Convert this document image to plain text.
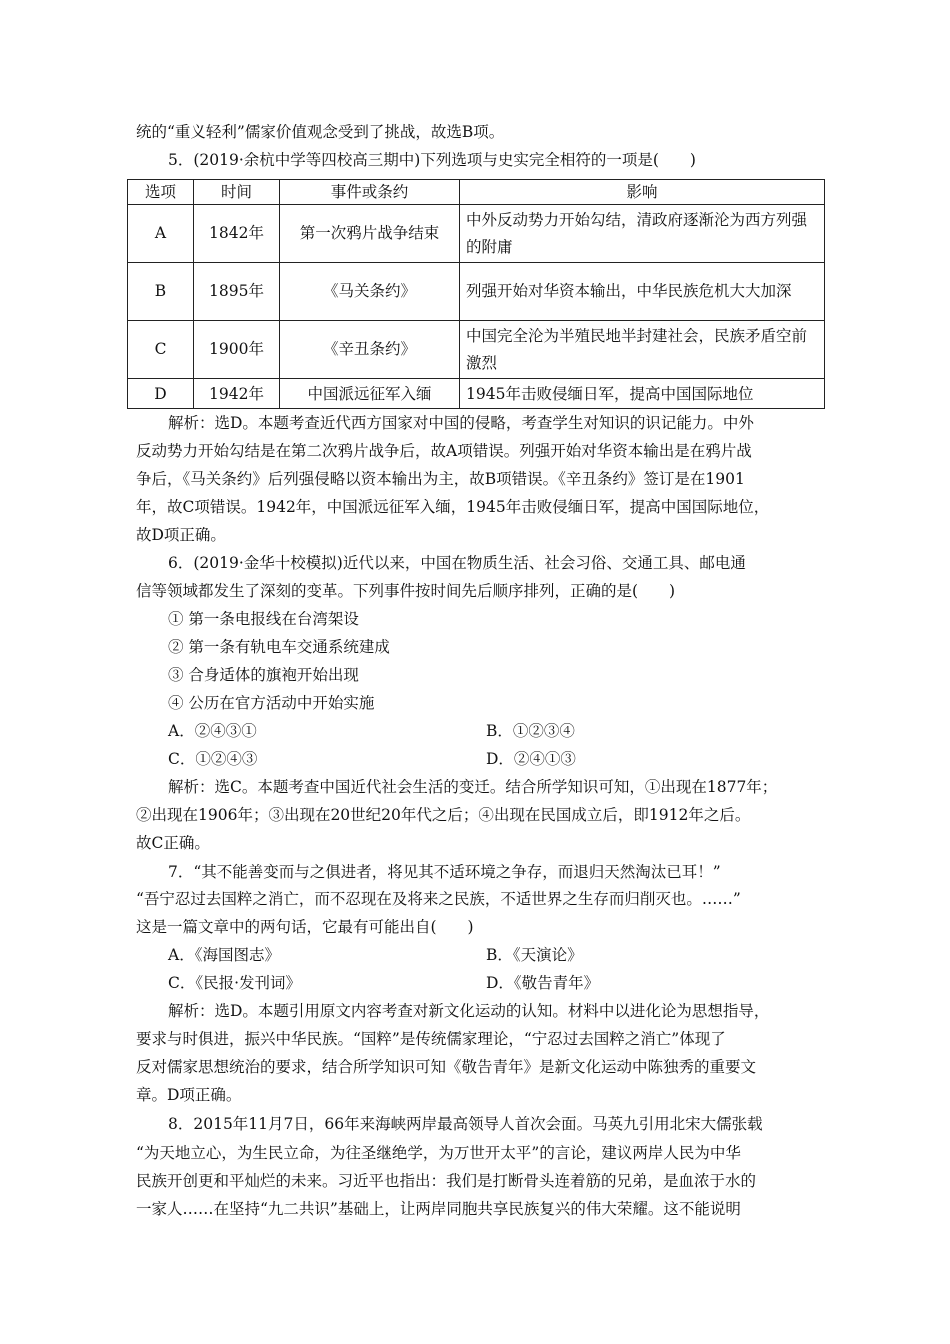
统的“重义轻利”儒家价值观念受到了挑战，故选B项。
5．(2019·余杭中学等四校高三期中)下列选项与史实完全相符的一项是(　　)
选项	时间	事件或条约	影响
A	1842年	第一次鸦片战争结束	中外反动势力开始勾结，清政府逐渐沦为西方列强的附庸
B	1895年	《马关条约》	列强开始对华资本输出，中华民族危机大大加深
C	1900年	《辛丑条约》	中国完全沦为半殖民地半封建社会，民族矛盾空前激烈
D	1942年	中国派远征军入缅	1945年击败侵缅日军，提高中国国际地位
解析：选D。本题考查近代西方国家对中国的侵略，考查学生对知识的识记能力。中外
反动势力开始勾结是在第二次鸦片战争后，故A项错误。列强开始对华资本输出是在鸦片战
争后，《马关条约》后列强侵略以资本输出为主，故B项错误。《辛丑条约》签订是在1901
年，故C项错误。1942年，中国派远征军入缅，1945年击败侵缅日军，提高中国国际地位，
故D项正确。
6．(2019·金华十校模拟)近代以来，中国在物质生活、社会习俗、交通工具、邮电通
信等领域都发生了深刻的变革。下列事件按时间先后顺序排列，正确的是(　　)
① 第一条电报线在台湾架设
② 第一条有轨电车交通系统建成
③ 合身适体的旗袍开始出现
④ 公历在官方活动中开始实施
A．②④③①	B．①②③④
C．①②④③	D．②④①③
解析：选C。本题考查中国近代社会生活的变迁。结合所学知识可知，①出现在1877年；
②出现在1906年；③出现在20世纪20年代之后；④出现在民国成立后，即1912年之后。
故C正确。
7．“其不能善变而与之俱进者，将见其不适环境之争存，而退归天然淘汰已耳！”
“吾宁忍过去国粹之消亡，而不忍现在及将来之民族，不适世界之生存而归削灭也。……”
这是一篇文章中的两句话，它最有可能出自(　　)
A．《海国图志》	B．《天演论》
C．《民报·发刊词》	D．《敬告青年》
解析：选D。本题引用原文内容考查对新文化运动的认知。材料中以进化论为思想指导，
要求与时俱进，振兴中华民族。“国粹”是传统儒家理论，“宁忍过去国粹之消亡”体现了
反对儒家思想统治的要求，结合所学知识可知《敬告青年》是新文化运动中陈独秀的重要文
章。D项正确。
8．2015年11月7日，66年来海峡两岸最高领导人首次会面。马英九引用北宋大儒张载
“为天地立心，为生民立命，为往圣继绝学，为万世开太平”的言论，建议两岸人民为中华
民族开创更和平灿烂的未来。习近平也指出：我们是打断骨头连着筋的兄弟，是血浓于水的
一家人……在坚持“九二共识”基础上，让两岸同胞共享民族复兴的伟大荣耀。这不能说明
